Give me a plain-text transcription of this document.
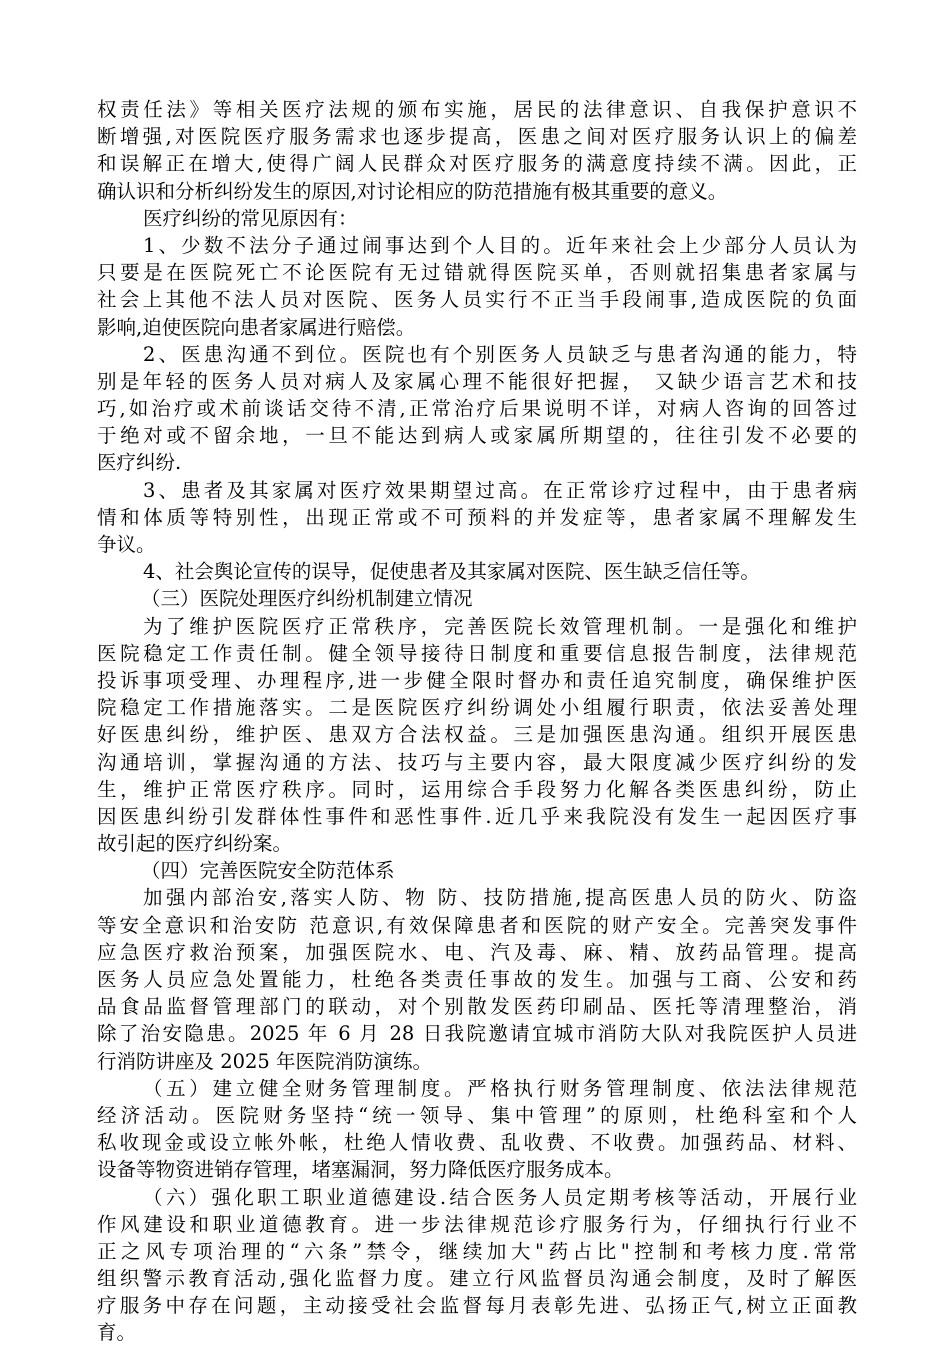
权责任法》等相关医疗法规的颁布实施，居民的法律意识、自我保护意识不
断增强,对医院医疗服务需求也逐步提高，医患之间对医疗服务认识上的偏差
和误解正在增大,使得广阔人民群众对医疗服务的满意度持续不满。因此，正
确认识和分析纠纷发生的原因,对讨论相应的防范措施有极其重要的意义。
医疗纠纷的常见原因有：
1、少数不法分子通过闹事达到个人目的。近年来社会上少部分人员认为
只要是在医院死亡不论医院有无过错就得医院买单，否则就招集患者家属与
社会上其他不法人员对医院、医务人员实行不正当手段闹事,造成医院的负面
影响,迫使医院向患者家属进行赔偿。
2、医患沟通不到位。医院也有个别医务人员缺乏与患者沟通的能力，特
别是年轻的医务人员对病人及家属心理不能很好把握， 又缺少语言艺术和技
巧,如治疗或术前谈话交待不清,正常治疗后果说明不详，对病人咨询的回答过
于绝对或不留余地，一旦不能达到病人或家属所期望的，往往引发不必要的
医疗纠纷.
3、患者及其家属对医疗效果期望过高。在正常诊疗过程中，由于患者病
情和体质等特别性，出现正常或不可预料的并发症等，患者家属不理解发生
争议。
4、社会舆论宣传的误导，促使患者及其家属对医院、医生缺乏信任等。
（三）医院处理医疗纠纷机制建立情况
为了维护医院医疗正常秩序，完善医院长效管理机制。一是强化和维护
医院稳定工作责任制。健全领导接待日制度和重要信息报告制度，法律规范
投诉事项受理、办理程序,进一步健全限时督办和责任追究制度，确保维护医
院稳定工作措施落实。二是医院医疗纠纷调处小组履行职责，依法妥善处理
好医患纠纷，维护医、患双方合法权益。三是加强医患沟通。组织开展医患
沟通培训，掌握沟通的方法、技巧与主要内容，最大限度减少医疗纠纷的发
生，维护正常医疗秩序。同时，运用综合手段努力化解各类医患纠纷，防止
因医患纠纷引发群体性事件和恶性事件.近几乎来我院没有发生一起因医疗事
故引起的医疗纠纷案。
（四）完善医院安全防范体系
加强内部治安,落实人防、物 防、技防措施,提高医患人员的防火、防盗
等安全意识和治安防 范意识,有效保障患者和医院的财产安全。完善突发事件
应急医疗救治预案，加强医院水、电、汽及毒、麻、精、放药品管理。提高
医务人员应急处置能力，杜绝各类责任事故的发生。加强与工商、公安和药
品食品监督管理部门的联动，对个别散发医药印刷品、医托等清理整治，消
除了治安隐患。2025 年 6 月 28 日我院邀请宜城市消防大队对我院医护人员进
行消防讲座及 2025 年医院消防演练。
（五）建立健全财务管理制度。严格执行财务管理制度、依法法律规范
经济活动。医院财务坚持“统一领导、集中管理”的原则，杜绝科室和个人
私收现金或设立帐外帐，杜绝人情收费、乱收费、不收费。加强药品、材料、
设备等物资进销存管理，堵塞漏洞，努力降低医疗服务成本。
（六）强化职工职业道德建设.结合医务人员定期考核等活动，开展行业
作风建设和职业道德教育。进一步法律规范诊疗服务行为，仔细执行行业不
正之风专项治理的“六条”禁令，继续加大"药占比"控制和考核力度.常常
组织警示教育活动,强化监督力度。建立行风监督员沟通会制度，及时了解医
疗服务中存在问题，主动接受社会监督每月表彰先进、弘扬正气,树立正面教
育。
